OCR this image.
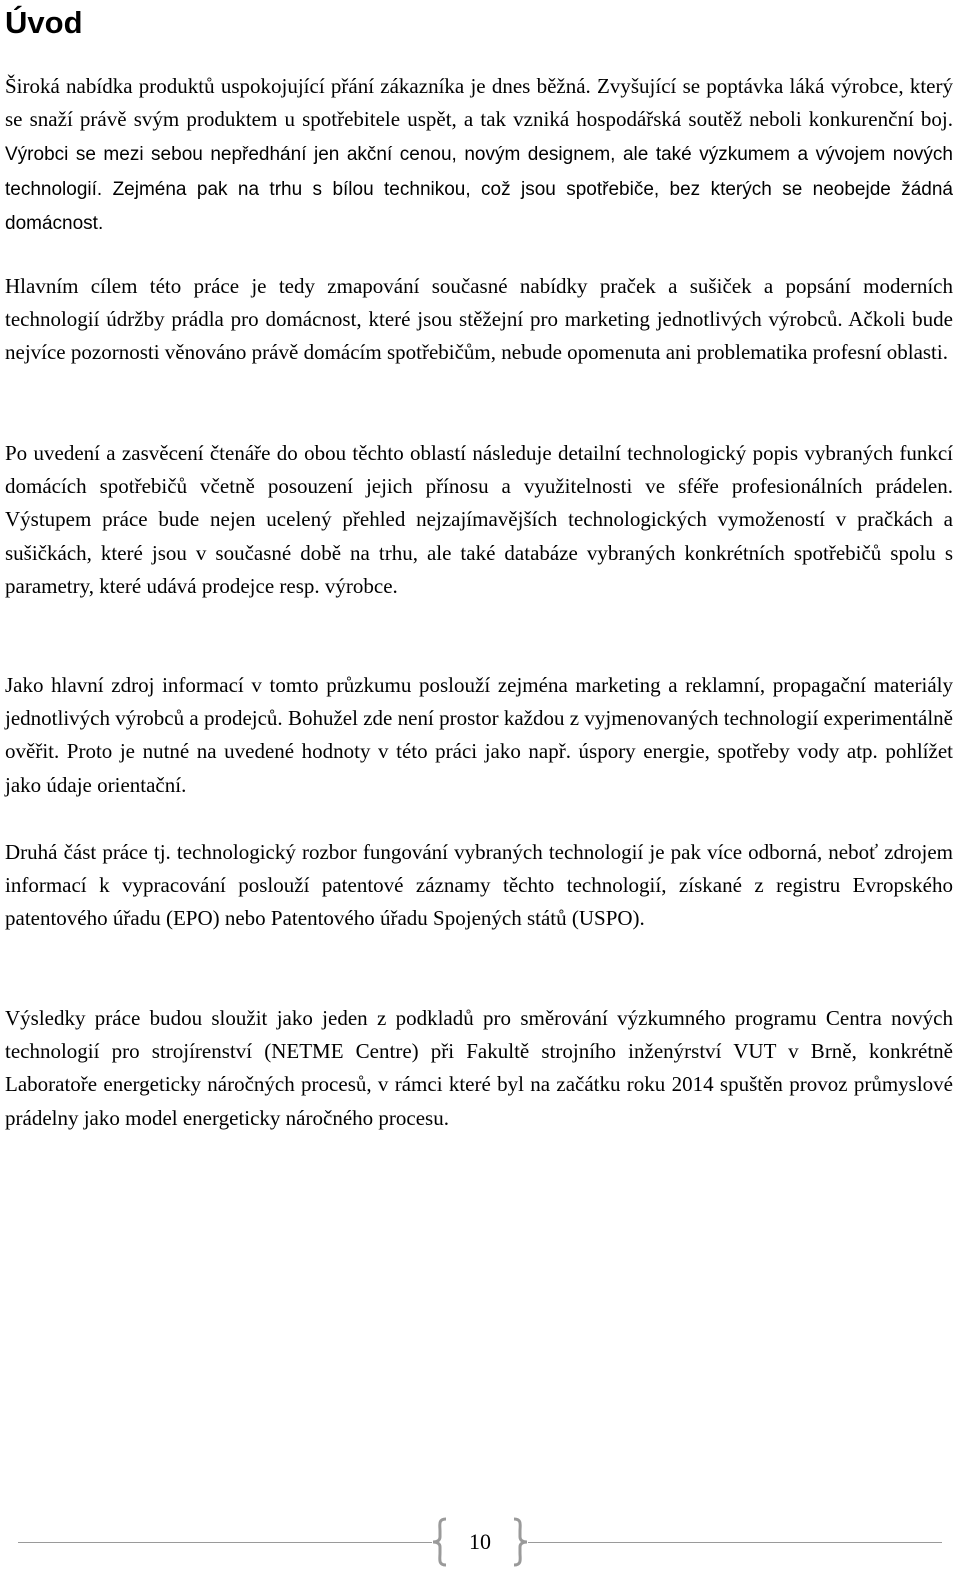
Úvod

Široká nabídka produktů uspokojující přání zákazníka je dnes běžná. Zvyšující se poptávka láká výrobce, který se snaží právě svým produktem u spotřebitele uspět, a tak vzniká hospodářská soutěž neboli konkurenční boj. Výrobci se mezi sebou nepředhání jen akční cenou, novým designem, ale také výzkumem a vývojem nových technologií. Zejména pak na trhu s bílou technikou, což jsou spotřebiče, bez kterých se neobejde žádná domácnost.

Hlavním cílem této práce je tedy zmapování současné nabídky praček a sušiček a popsání moderních technologií údržby prádla pro domácnost, které jsou stěžejní pro marketing jednotlivých výrobců. Ačkoli bude nejvíce pozornosti věnováno právě domácím spotřebičům, nebude opomenuta ani problematika profesní oblasti.

Po uvedení a zasvěcení čtenáře do obou těchto oblastí následuje detailní technologický popis vybraných funkcí domácích spotřebičů včetně posouzení jejich přínosu a využitelnosti ve sféře profesionálních prádelen. Výstupem práce bude nejen ucelený přehled nejzajímavějších technologických vymožeností v pračkách a sušičkách, které jsou v současné době na trhu, ale také databáze vybraných konkrétních spotřebičů spolu s parametry, které udává prodejce resp. výrobce.

Jako hlavní zdroj informací v tomto průzkumu poslouží zejména marketing a reklamní, propagační materiály jednotlivých výrobců a prodejců. Bohužel zde není prostor každou z vyjmenovaných technologií experimentálně ověřit. Proto je nutné na uvedené hodnoty v této práci jako např. úspory energie, spotřeby vody atp. pohlížet jako údaje orientační.

Druhá část práce tj. technologický rozbor fungování vybraných technologií je pak více odborná, neboť zdrojem informací k vypracování poslouží patentové záznamy těchto technologií, získané z registru Evropského patentového úřadu (EPO) nebo Patentového úřadu Spojených států (USPO).

Výsledky práce budou sloužit jako jeden z podkladů pro směrování výzkumného programu Centra nových technologií pro strojírenství (NETME Centre) při Fakultě strojního inženýrství VUT v Brně, konkrétně Laboratoře energeticky náročných procesů, v rámci které byl na začátku roku 2014 spuštěn provoz průmyslové prádelny jako model energeticky náročného procesu.

10
